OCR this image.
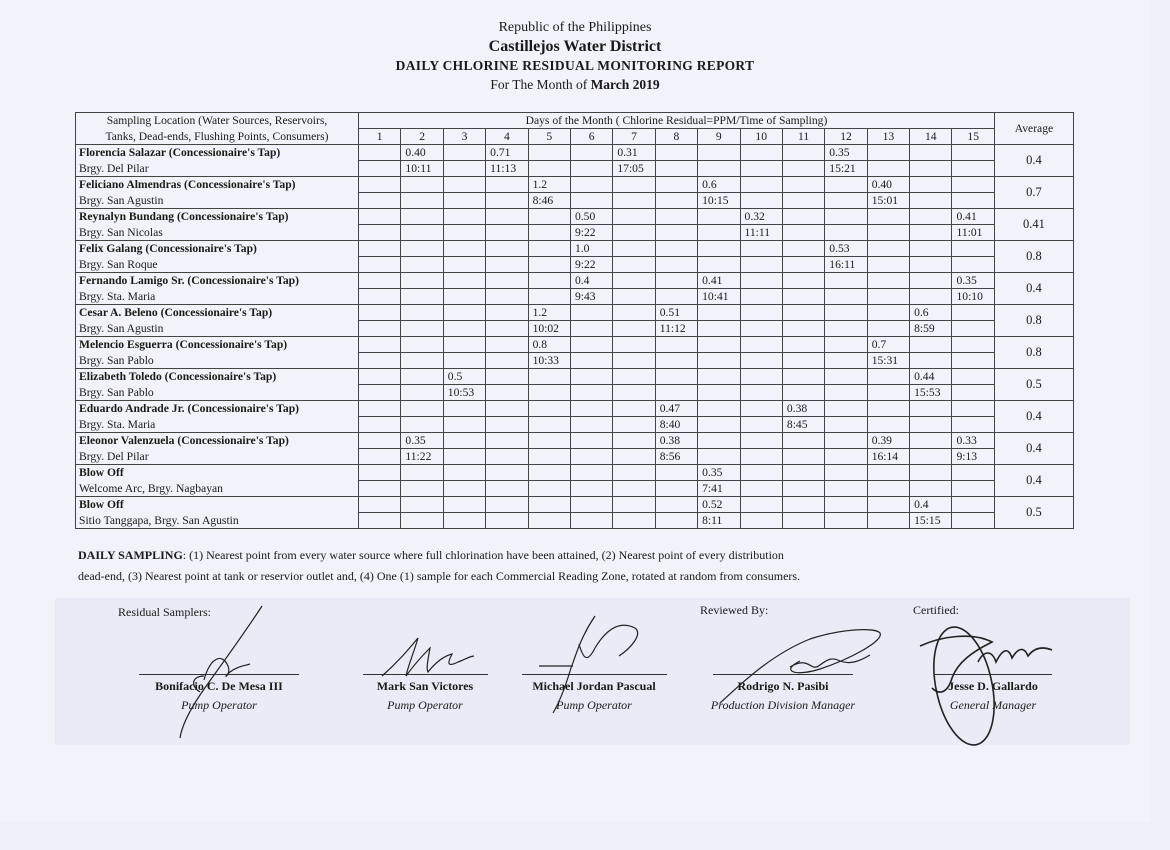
Republic of the Philippines
Castillejos Water District
DAILY CHLORINE RESIDUAL MONITORING REPORT
For The Month of March 2019
Sampling Location (Water Sources, Reservoirs,	Days of the Month ( Chlorine Residual=PPM/Time of Sampling)															Average
Tanks, Dead-ends, Flushing Points, Consumers)	1	2	3	4	5	6	7	8	9	10	11	12	13	14	15	
Florencia Salazar (Concessionaire's Tap)		0.40		0.71			0.31					0.35				0.4
Brgy. Del Pilar		10:11		11:13			17:05					15:21				
Feliciano Almendras (Concessionaire's Tap)					1.2				0.6				0.40			0.7
Brgy. San Agustin					8:46				10:15				15:01			
Reynalyn Bundang (Concessionaire's Tap)						0.50				0.32					0.41	0.41
Brgy. San Nicolas						9:22				11:11					11:01	
Felix Galang (Concessionaire's Tap)						1.0						0.53				0.8
Brgy. San Roque						9:22						16:11				
Fernando Lamigo Sr. (Concessionaire's Tap)						0.4			0.41						0.35	0.4
Brgy. Sta. Maria						9:43			10:41						10:10	
Cesar A. Beleno (Concessionaire's Tap)					1.2			0.51						0.6		0.8
Brgy. San Agustin					10:02			11:12						8:59		
Melencio Esguerra (Concessionaire's Tap)					0.8								0.7			0.8
Brgy. San Pablo					10:33								15:31			
Elizabeth Toledo (Concessionaire's Tap)			0.5											0.44		0.5
Brgy. San Pablo			10:53											15:53		
Eduardo Andrade Jr. (Concessionaire's Tap)								0.47			0.38					0.4
Brgy. Sta. Maria								8:40			8:45					
Eleonor Valenzuela (Concessionaire's Tap)		0.35						0.38					0.39		0.33	0.4
Brgy. Del Pilar		11:22						8:56					16:14		9:13	
Blow Off									0.35							0.4
Welcome Arc, Brgy. Nagbayan									7:41							
Blow Off									0.52					0.4		0.5
Sitio Tanggapa, Brgy. San Agustin									8:11					15:15		
DAILY SAMPLING: (1) Nearest point from every water source where full chlorination have been attained, (2) Nearest point of every distribution
dead-end, (3) Nearest point at tank or reservior outlet and, (4) One (1) sample for each Commercial Reading Zone, rotated at random from consumers.
Residual Samplers:	Reviewed By:	Certified:
Bonifacio C. De Mesa III
Pump Operator
Mark San Victores
Pump Operator
Michael Jordan Pascual
Pump Operator
Rodrigo N. Pasibi
Production Division Manager
Jesse D. Gallardo
General Manager
